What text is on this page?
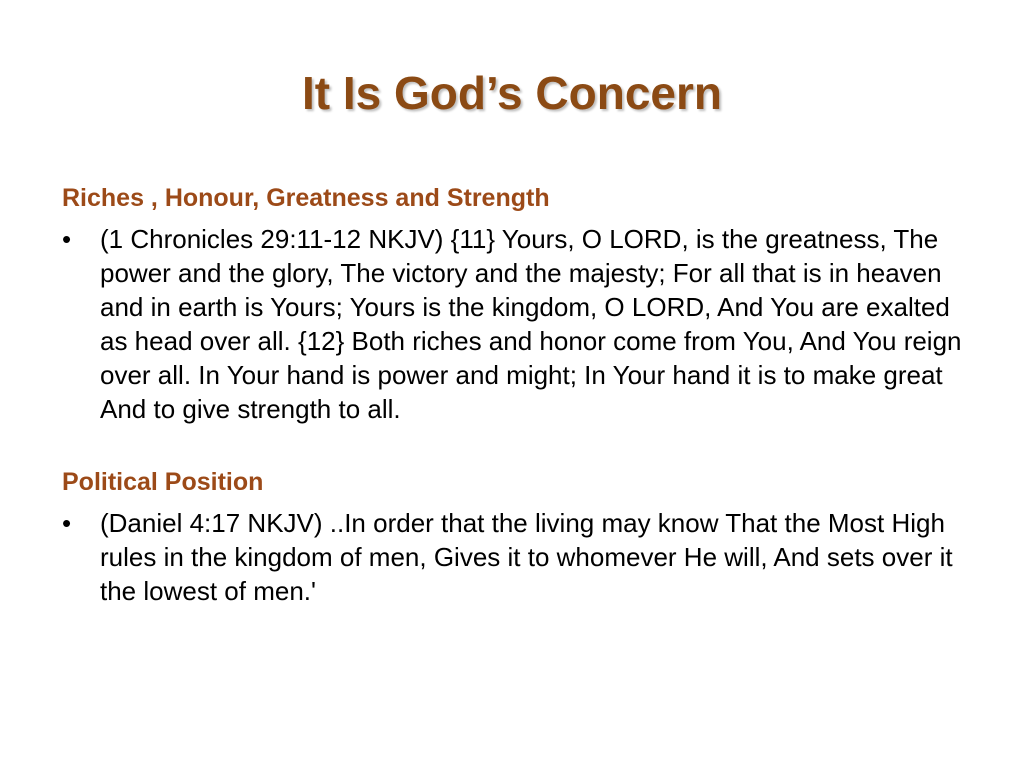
It Is God’s Concern

Riches , Honour, Greatness and Strength

•	(1 Chronicles 29:11-12 NKJV) {11} Yours, O LORD, is the greatness, The power and the glory, The victory and the majesty; For all that is in heaven and in earth is Yours; Yours is the kingdom, O LORD, And You are exalted as head over all. {12} Both riches and honor come from You, And You reign over all. In Your hand is power and might; In Your hand it is to make great And to give strength to all.

Political Position

•	(Daniel 4:17 NKJV) ..In order that the living may know That the Most High rules in the kingdom of men, Gives it to whomever He will, And sets over it the lowest of men.'
